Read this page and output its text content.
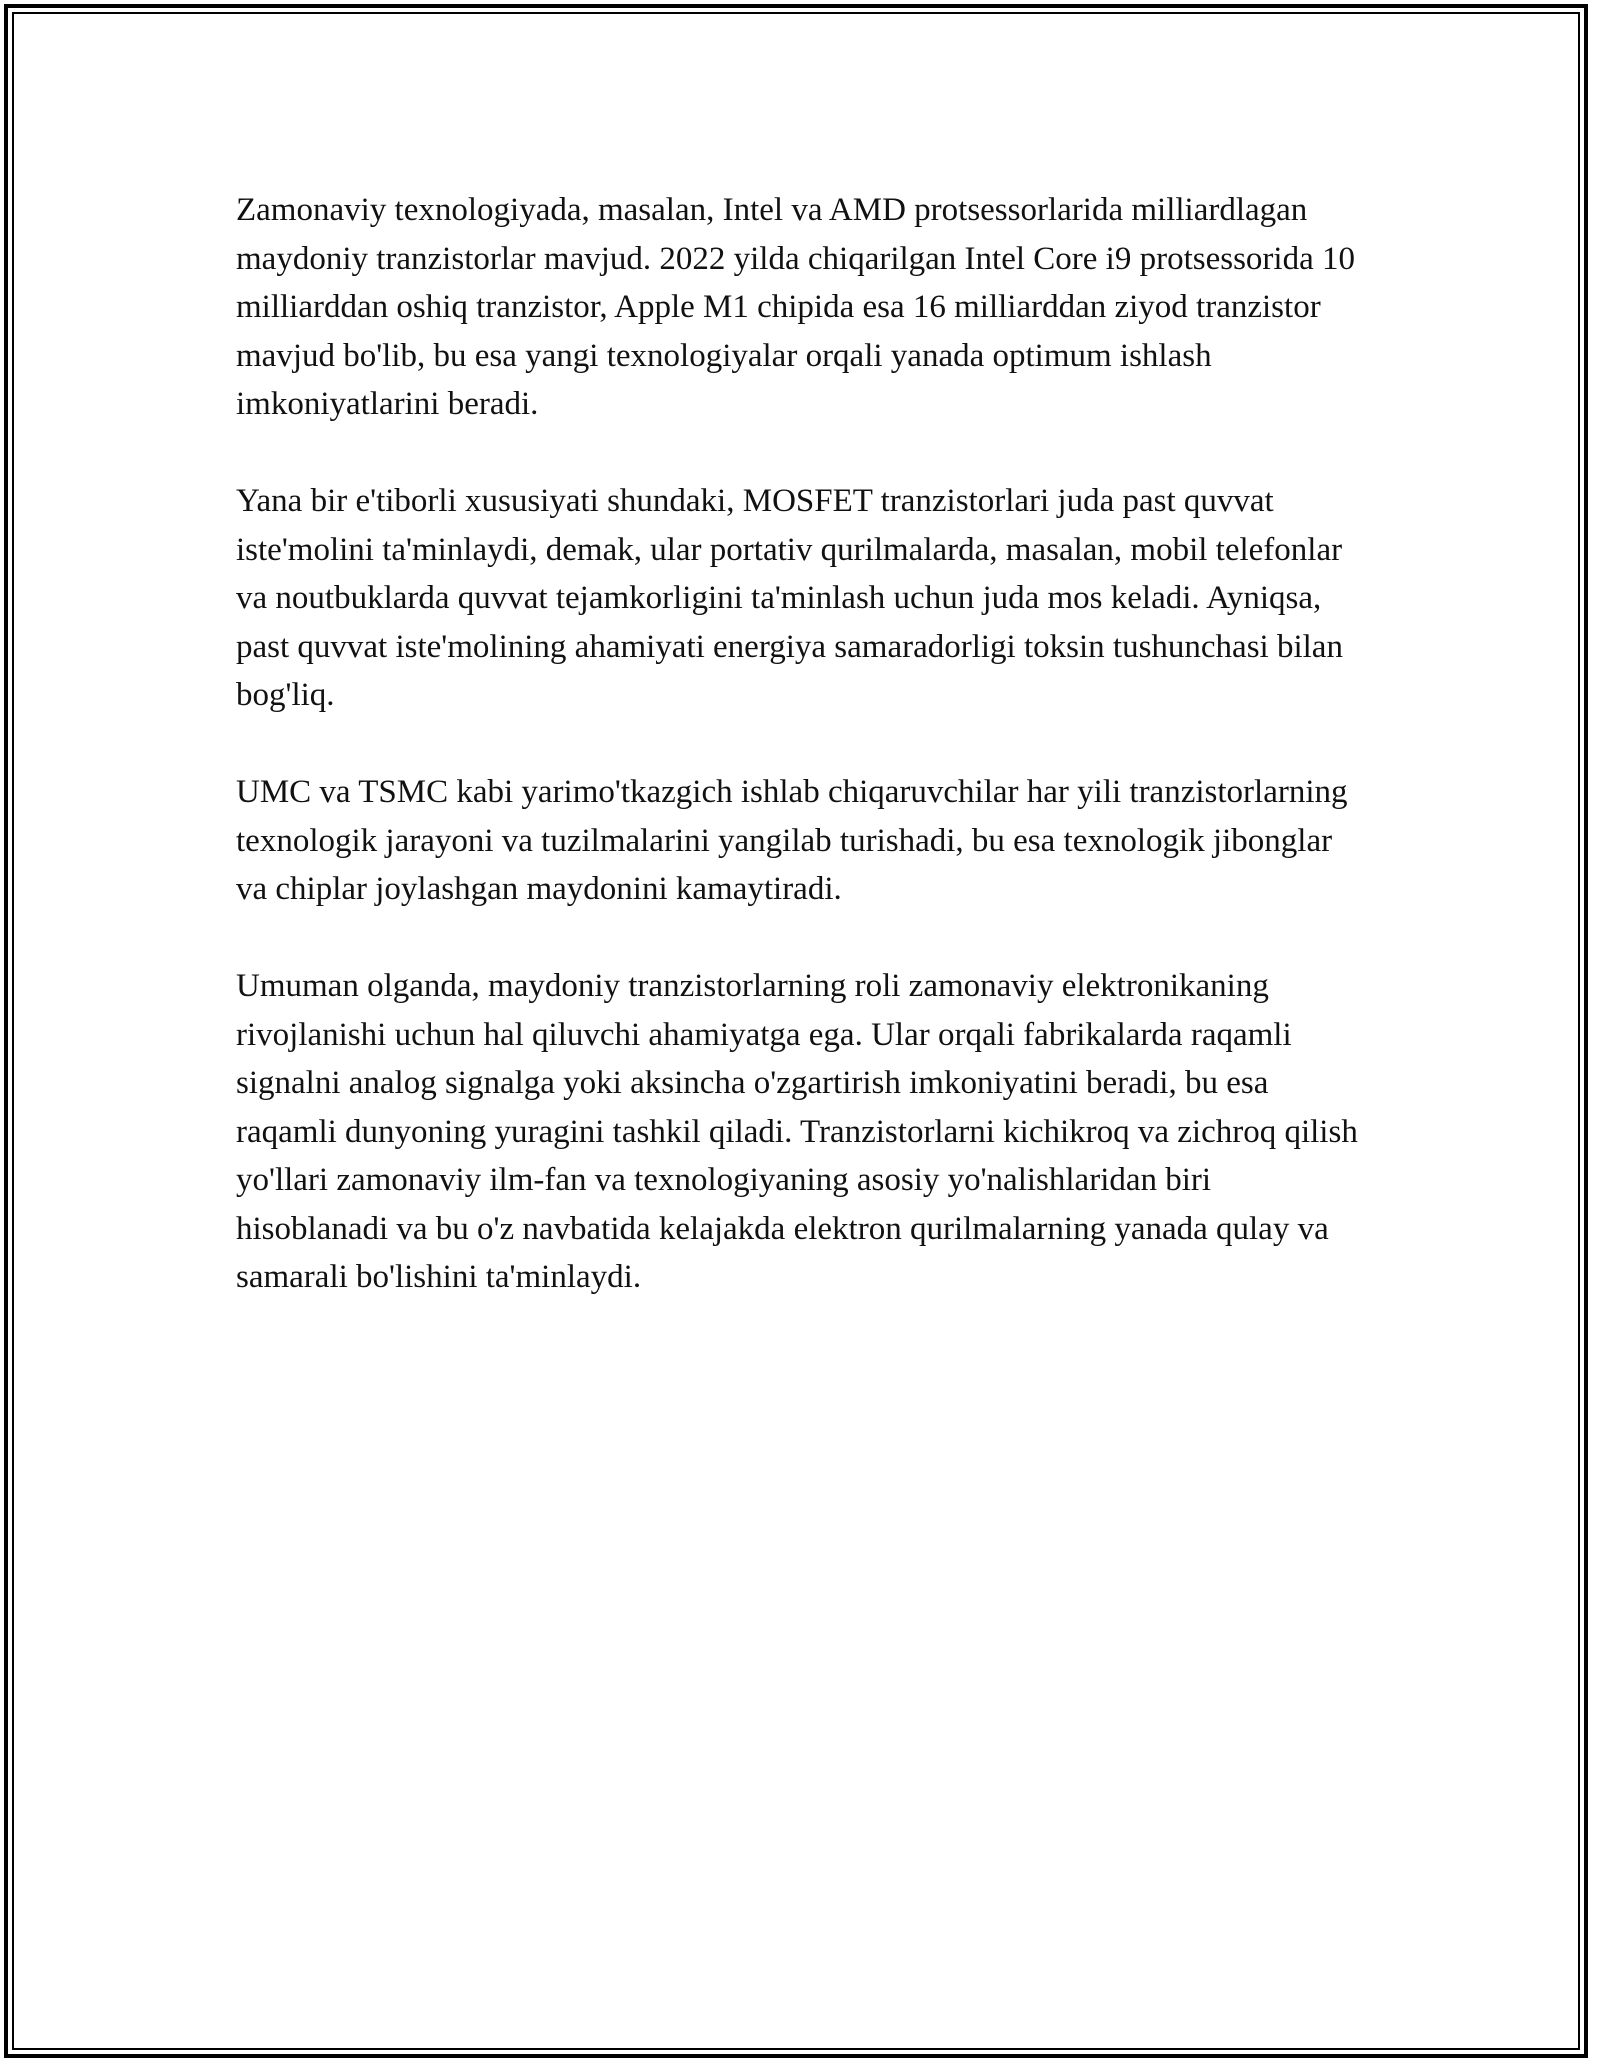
Zamonaviy texnologiyada, masalan, Intel va AMD protsessorlarida milliardlagan maydoniy tranzistorlar mavjud. 2022 yilda chiqarilgan Intel Core i9 protsessorida 10 milliarddan oshiq tranzistor, Apple M1 chipida esa 16 milliarddan ziyod tranzistor mavjud bo'lib, bu esa yangi texnologiyalar orqali yanada optimum ishlash imkoniyatlarini beradi.

Yana bir e'tiborli xususiyati shundaki, MOSFET tranzistorlari juda past quvvat iste'molini ta'minlaydi, demak, ular portativ qurilmalarda, masalan, mobil telefonlar va noutbuklarda quvvat tejamkorligini ta'minlash uchun juda mos keladi. Ayniqsa, past quvvat iste'molining ahamiyati energiya samaradorligi toksin tushunchasi bilan bog'liq.

UMC va TSMC kabi yarimo'tkazgich ishlab chiqaruvchilar har yili tranzistorlarning texnologik jarayoni va tuzilmalarini yangilab turishadi, bu esa texnologik jibonglar va chiplar joylashgan maydonini kamaytiradi.

Umuman olganda, maydoniy tranzistorlarning roli zamonaviy elektronikaning rivojlanishi uchun hal qiluvchi ahamiyatga ega. Ular orqali fabrikalarda raqamli signalni analog signalga yoki aksincha o'zgartirish imkoniyatini beradi, bu esa raqamli dunyoning yuragini tashkil qiladi. Tranzistorlarni kichikroq va zichroq qilish yo'llari zamonaviy ilm-fan va texnologiyaning asosiy yo'nalishlaridan biri hisoblanadi va bu o'z navbatida kelajakda elektron qurilmalarning yanada qulay va samarali bo'lishini ta'minlaydi.
